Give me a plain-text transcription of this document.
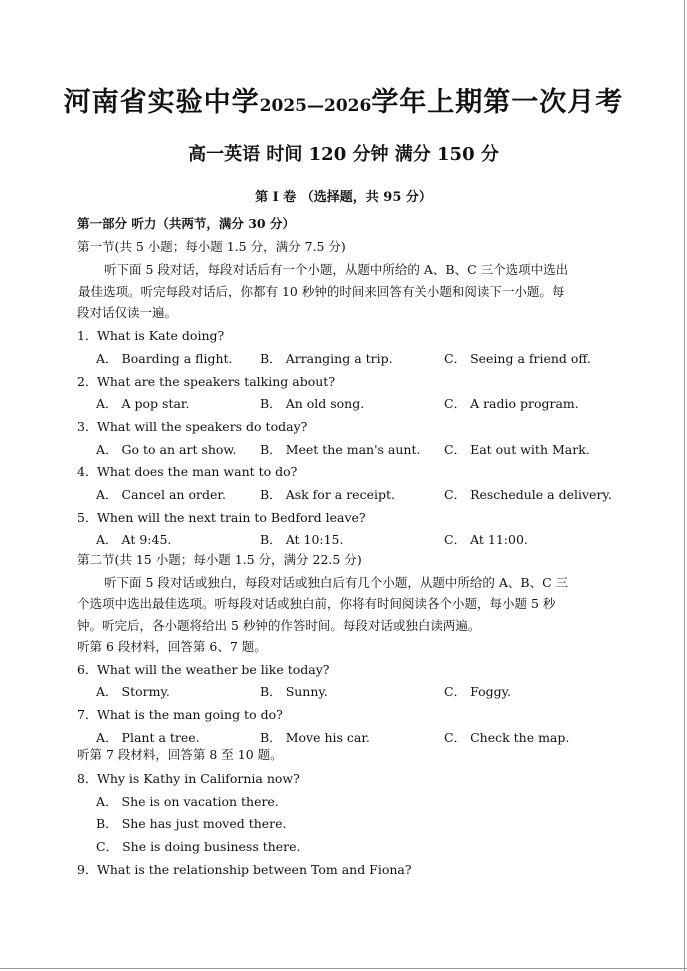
河南省实验中学2025—2026学年上期第一次月考
高一英语 时间 120 分钟 满分 150 分
第 I 卷 （选择题，共 95 分）
第一部分 听力（共两节，满分 30 分）
第一节(共 5 小题；每小题 1.5 分，满分 7.5 分)
听下面 5 段对话，每段对话后有一个小题，从题中所给的 A、B、C 三个选项中选出
最佳选项。听完每段对话后，你都有 10 秒钟的时间来回答有关小题和阅读下一小题。每
段对话仅读一遍。
1．What is Kate doing?
A． Boarding a flight. B． Arranging a trip.	C． Seeing a friend off.
2．What are the speakers talking about?
A． A pop star.	B． An old song.	C． A radio program.
3．What will the speakers do today?
A． Go to an art show. B． Meet the man's aunt. C． Eat out with Mark.
4．What does the man want to do?
A． Cancel an order.	B． Ask for a receipt.	C． Reschedule a delivery.
5．When will the next train to Bedford leave?
A． At 9:45.	B． At 10:15.	C． At 11:00.
第二节(共 15 小题；每小题 1.5 分，满分 22.5 分)
听下面 5 段对话或独白，每段对话或独白后有几个小题，从题中所给的 A、B、C 三
个选项中选出最佳选项。听每段对话或独白前，你将有时间阅读各个小题，每小题 5 秒
钟。听完后，各小题将给出 5 秒钟的作答时间。每段对话或独白读两遍。
听第 6 段材料，回答第 6、7 题。
6．What will the weather be like today?
A． Stormy.	B． Sunny.	C． Foggy.
7．What is the man going to do?
A． Plant a tree.	B． Move his car.	C． Check the map.
听第 7 段材料，回答第 8 至 10 题。
8．Why is Kathy in California now?
A． She is on vacation there.
B． She has just moved there.
C． She is doing business there.
9．What is the relationship between Tom and Fiona?
